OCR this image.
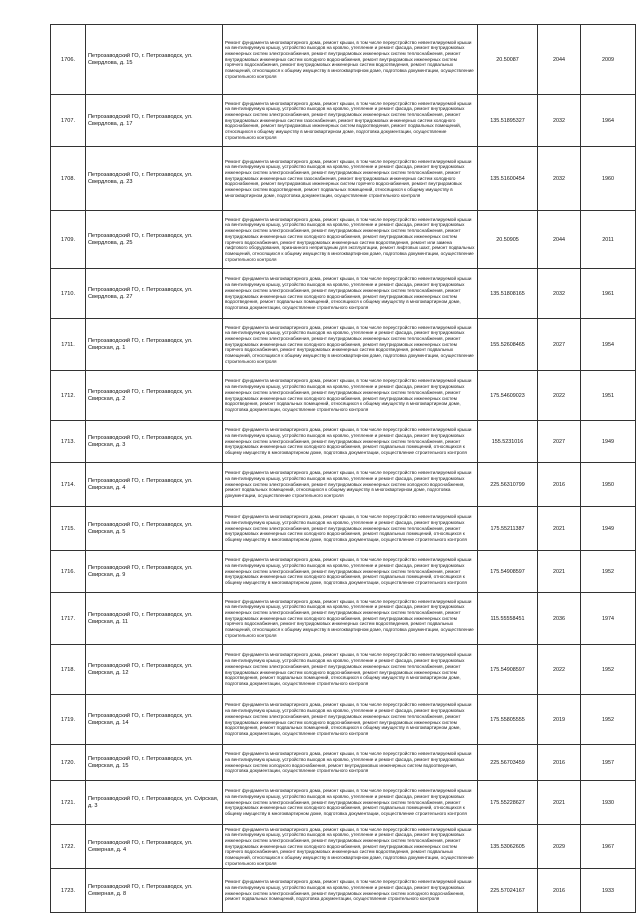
1706.	Петрозаводский ГО, г. Петрозаводск, ул. Свердлова, д. 15	Ремонт фундамента многоквартирного дома, ремонт крыши, в том числе переустройство невентилируемой крыши на вентилируемую крышу, устройство выходов на кровлю, утепление и ремонт фасада, ремонт внутридомовых инженерных систем электроснабжения, ремонт внутридомовых инженерных систем теплоснабжения, ремонт внутридомовых инженерных систем холодного водоснабжения, ремонт внутридомовых инженерных систем горячего водоснабжения, ремонт внутридомовых инженерных систем водоотведения, ремонт подвальных помещений, относящихся к общему имуществу в многоквартирном доме, подготовка документации, осуществление строительного контроля	20.50087	2044	2009
1707.	Петрозаводский ГО, г. Петрозаводск, ул. Свердлова, д. 17	Ремонт фундамента многоквартирного дома, ремонт крыши, в том числе переустройство невентилируемой крыши на вентилируемую крышу, устройство выходов на кровлю, утепление и ремонт фасада, ремонт внутридомовых инженерных систем электроснабжения, ремонт внутридомовых инженерных систем теплоснабжения, ремонт внутридомовых инженерных систем газоснабжения, ремонт внутридомовых инженерных систем холодного водоснабжения, ремонт внутридомовых инженерных систем водоотведения, ремонт подвальных помещений, относящихся к общему имуществу в многоквартирном доме, подготовка документации, осуществление строительного контроля	135.51895327	2032	1964
1708.	Петрозаводский ГО, г. Петрозаводск, ул. Свердлова, д. 23	Ремонт фундамента многоквартирного дома, ремонт крыши, в том числе переустройство невентилируемой крыши на вентилируемую крышу, устройство выходов на кровлю, утепление и ремонт фасада, ремонт внутридомовых инженерных систем электроснабжения, ремонт внутридомовых инженерных систем теплоснабжения, ремонт внутридомовых инженерных систем газоснабжения, ремонт внутридомовых инженерных систем холодного водоснабжения, ремонт внутридомовых инженерных систем горячего водоснабжения, ремонт внутридомовых инженерных систем водоотведения, ремонт подвальных помещений, относящихся к общему имуществу в многоквартирном доме, подготовка документации, осуществление строительного контроля	135.51600454	2032	1960
1709.	Петрозаводский ГО, г. Петрозаводск, ул. Свердлова, д. 25	Ремонт фундамента многоквартирного дома, ремонт крыши, в том числе переустройство невентилируемой крыши на вентилируемую крышу, устройство выходов на кровлю, утепление и ремонт фасада, ремонт внутридомовых инженерных систем электроснабжения, ремонт внутридомовых инженерных систем теплоснабжения, ремонт внутридомовых инженерных систем холодного водоснабжения, ремонт внутридомовых инженерных систем горячего водоснабжения, ремонт внутридомовых инженерных систем водоотведения, ремонт или замена лифтового оборудования, признанного непригодным для эксплуатации, ремонт лифтовых шахт, ремонт подвальных помещений, относящихся к общему имуществу в многоквартирном доме, подготовка документации, осуществление строительного контроля	20.50905	2044	2011
1710.	Петрозаводский ГО, г. Петрозаводск, ул. Свердлова, д. 27	Ремонт фундамента многоквартирного дома, ремонт крыши, в том числе переустройство невентилируемой крыши на вентилируемую крышу, устройство выходов на кровлю, утепление и ремонт фасада, ремонт внутридомовых инженерных систем электроснабжения, ремонт внутридомовых инженерных систем теплоснабжения, ремонт внутридомовых инженерных систем холодного водоснабжения, ремонт внутридомовых инженерных систем водоотведения, ремонт подвальных помещений, относящихся к общему имуществу в многоквартирном доме, подготовка документации, осуществление строительного контроля	135.51808165	2032	1961
1711.	Петрозаводский ГО, г. Петрозаводск, ул. Свирская, д. 1	Ремонт фундамента многоквартирного дома, ремонт крыши, в том числе переустройство невентилируемой крыши на вентилируемую крышу, устройство выходов на кровлю, утепление и ремонт фасада, ремонт внутридомовых инженерных систем электроснабжения, ремонт внутридомовых инженерных систем теплоснабжения, ремонт внутридомовых инженерных систем холодного водоснабжения, ремонт внутридомовых инженерных систем горячего водоснабжения, ремонт внутридомовых инженерных систем водоотведения, ремонт подвальных помещений, относящихся к общему имуществу в многоквартирном доме, подготовка документации, осуществление строительного контроля	155.52608465	2027	1954
1712.	Петрозаводский ГО, г. Петрозаводск, ул. Свирская, д. 2	Ремонт фундамента многоквартирного дома, ремонт крыши, в том числе переустройство невентилируемой крыши на вентилируемую крышу, устройство выходов на кровлю, утепление и ремонт фасада, ремонт внутридомовых инженерных систем электроснабжения, ремонт внутридомовых инженерных систем теплоснабжения, ремонт внутридомовых инженерных систем холодного водоснабжения, ремонт внутридомовых инженерных систем водоотведения, ремонт подвальных помещений, относящихся к общему имуществу в многоквартирном доме, подготовка документации, осуществление строительного контроля	175.54609023	2022	1951
1713.	Петрозаводский ГО, г. Петрозаводск, ул. Свирская, д. 3	Ремонт фундамента многоквартирного дома, ремонт крыши, в том числе переустройство невентилируемой крыши на вентилируемую крышу, устройство выходов на кровлю, утепление и ремонт фасада, ремонт внутридомовых инженерных систем электроснабжения, ремонт внутридомовых инженерных систем теплоснабжения, ремонт внутридомовых инженерных систем холодного водоснабжения, ремонт подвальных помещений, относящихся к общему имуществу в многоквартирном доме, подготовка документации, осуществление строительного контроля	155.5231016	2027	1949
1714.	Петрозаводский ГО, г. Петрозаводск, ул. Свирская, д. 4	Ремонт фундамента многоквартирного дома, ремонт крыши, в том числе переустройство невентилируемой крыши на вентилируемую крышу, устройство выходов на кровлю, утепление и ремонт фасада, ремонт внутридомовых инженерных систем электроснабжения, ремонт внутридомовых инженерных систем холодного водоснабжения, ремонт подвальных помещений, относящихся к общему имуществу в многоквартирном доме, подготовка документации, осуществление строительного контроля	225.56310799	2016	1950
1715.	Петрозаводский ГО, г. Петрозаводск, ул. Свирская, д. 5	Ремонт фундамента многоквартирного дома, ремонт крыши, в том числе переустройство невентилируемой крыши на вентилируемую крышу, устройство выходов на кровлю, утепление и ремонт фасада, ремонт внутридомовых инженерных систем электроснабжения, ремонт внутридомовых инженерных систем теплоснабжения, ремонт внутридомовых инженерных систем холодного водоснабжения, ремонт подвальных помещений, относящихся к общему имуществу в многоквартирном доме, подготовка документации, осуществление строительного контроля	175.55211387	2021	1949
1716.	Петрозаводский ГО, г. Петрозаводск, ул. Свирская, д. 9	Ремонт фундамента многоквартирного дома, ремонт крыши, в том числе переустройство невентилируемой крыши на вентилируемую крышу, устройство выходов на кровлю, утепление и ремонт фасада, ремонт внутридомовых инженерных систем электроснабжения, ремонт внутридомовых инженерных систем теплоснабжения, ремонт внутридомовых инженерных систем холодного водоснабжения, ремонт подвальных помещений, относящихся к общему имуществу в многоквартирном доме, подготовка документации, осуществление строительного контроля	175.54908597	2021	1952
1717.	Петрозаводский ГО, г. Петрозаводск, ул. Свирская, д. 11	Ремонт фундамента многоквартирного дома, ремонт крыши, в том числе переустройство невентилируемой крыши на вентилируемую крышу, устройство выходов на кровлю, утепление и ремонт фасада, ремонт внутридомовых инженерных систем электроснабжения, ремонт внутридомовых инженерных систем теплоснабжения, ремонт внутридомовых инженерных систем холодного водоснабжения, ремонт внутридомовых инженерных систем горячего водоснабжения, ремонт внутридомовых инженерных систем водоотведения, ремонт подвальных помещений, относящихся к общему имуществу в многоквартирном доме, подготовка документации, осуществление строительного контроля	115.55558451	2036	1974
1718.	Петрозаводский ГО, г. Петрозаводск, ул. Свирская, д. 12	Ремонт фундамента многоквартирного дома, ремонт крыши, в том числе переустройство невентилируемой крыши на вентилируемую крышу, устройство выходов на кровлю, утепление и ремонт фасада, ремонт внутридомовых инженерных систем электроснабжения, ремонт внутридомовых инженерных систем теплоснабжения, ремонт внутридомовых инженерных систем холодного водоснабжения, ремонт внутридомовых инженерных систем водоотведения, ремонт подвальных помещений, относящихся к общему имуществу в многоквартирном доме, подготовка документации, осуществление строительного контроля	175.54908597	2022	1952
1719.	Петрозаводский ГО, г. Петрозаводск, ул. Свирская, д. 14	Ремонт фундамента многоквартирного дома, ремонт крыши, в том числе переустройство невентилируемой крыши на вентилируемую крышу, устройство выходов на кровлю, утепление и ремонт фасада, ремонт внутридомовых инженерных систем электроснабжения, ремонт внутридомовых инженерных систем теплоснабжения, ремонт внутридомовых инженерных систем холодного водоснабжения, ремонт внутридомовых инженерных систем водоотведения, ремонт подвальных помещений, относящихся к общему имуществу в многоквартирном доме, подготовка документации, осуществление строительного контроля	175.55805555	2019	1952
1720.	Петрозаводский ГО, г. Петрозаводск, ул. Свирская, д. 15	Ремонт фундамента многоквартирного дома, ремонт крыши, в том числе переустройство невентилируемой крыши на вентилируемую крышу, устройство выходов на кровлю, утепление и ремонт фасада, ремонт внутридомовых инженерных систем холодного водоснабжения, ремонт внутридомовых инженерных систем водоотведения, подготовка документации, осуществление строительного контроля	225.56703459	2016	1957
1721.	Петрозаводский ГО, г. Петрозаводск, ул. Сviрская, д. 3	Ремонт фундамента многоквартирного дома, ремонт крыши, в том числе переустройство невентилируемой крыши на вентилируемую крышу, устройство выходов на кровлю, утепление и ремонт фасада, ремонт внутридомовых инженерных систем электроснабжения, ремонт внутридомовых инженерных систем теплоснабжения, ремонт внутридомовых инженерных систем холодного водоснабжения, ремонт подвальных помещений, относящихся к общему имуществу в многоквартирном доме, подготовка документации, осуществление строительного контроля	175.55228627	2021	1930
1722.	Петрозаводский ГО, г. Петрозаводск, ул. Северная, д. 4	Ремонт фундамента многоквартирного дома, ремонт крыши, в том числе переустройство невентилируемой крыши на вентилируемую крышу, устройство выходов на кровлю, утепление и ремонт фасада, ремонт внутридомовых инженерных систем электроснабжения, ремонт внутридомовых инженерных систем теплоснабжения, ремонт внутридомовых инженерных систем холодного водоснабжения, ремонт внутридомовых инженерных систем горячего водоснабжения, ремонт внутридомовых инженерных систем водоотведения, ремонт подвальных помещений, относящихся к общему имуществу в многоквартирном доме, подготовка документации, осуществление строительного контроля	135.53062605	2029	1967
1723.	Петрозаводский ГО, г. Петрозаводск, ул. Северная, д. 8	Ремонт фундамента многоквартирного дома, ремонт крыши, в том числе переустройство невентилируемой крыши на вентилируемую крышу, устройство выходов на кровлю, утепление и ремонт фасада, ремонт внутридомовых инженерных систем электроснабжения, ремонт внутридомовых инженерных систем холодного водоснабжения, ремонт подвальных помещений, подготовка документации, осуществление строительного контроля	225.57024167	2016	1933
